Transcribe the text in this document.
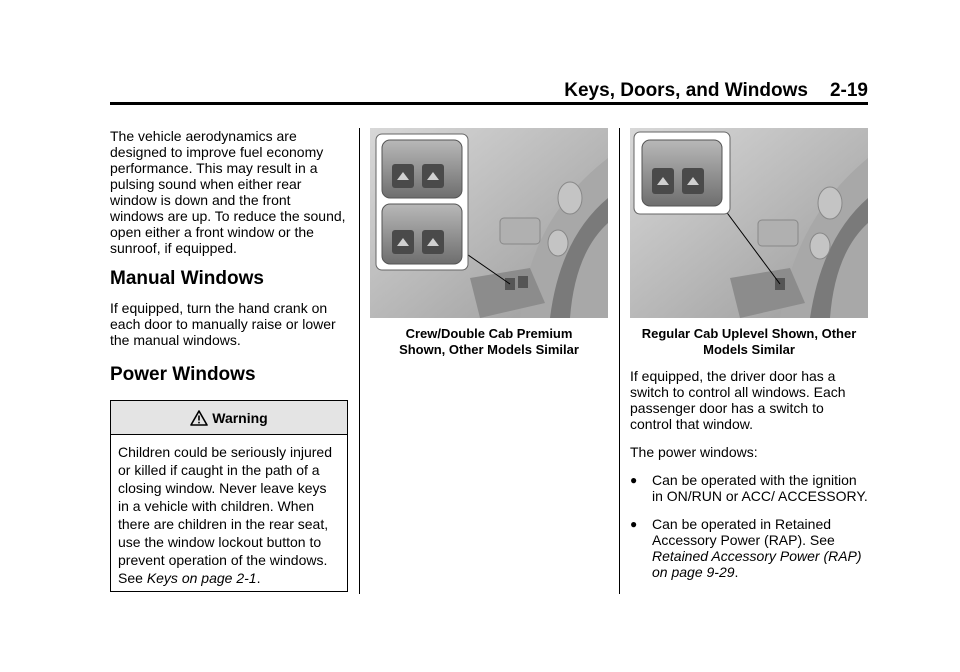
Keys, Doors, and Windows 2-19

The vehicle aerodynamics are designed to improve fuel economy performance. This may result in a pulsing sound when either rear window is down and the front windows are up. To reduce the sound, open either a front window or the sunroof, if equipped.

Manual Windows

If equipped, turn the hand crank on each door to manually raise or lower the manual windows.

Power Windows
Warning
Children could be seriously injured or killed if caught in the path of a closing window. Never leave keys in a vehicle with children. When there are children in the rear seat, use the window lockout button to prevent operation of the windows. See Keys on page 2-1.
Crew/Double Cab Premium
Shown, Other Models Similar
Regular Cab Uplevel Shown, Other
Models Similar

If equipped, the driver door has a switch to control all windows. Each passenger door has a switch to control that window.

The power windows:

● Can be operated with the ignition in ON/RUN or ACC/ ACCESSORY.
● Can be operated in Retained Accessory Power (RAP). See Retained Accessory Power (RAP) on page 9-29.
